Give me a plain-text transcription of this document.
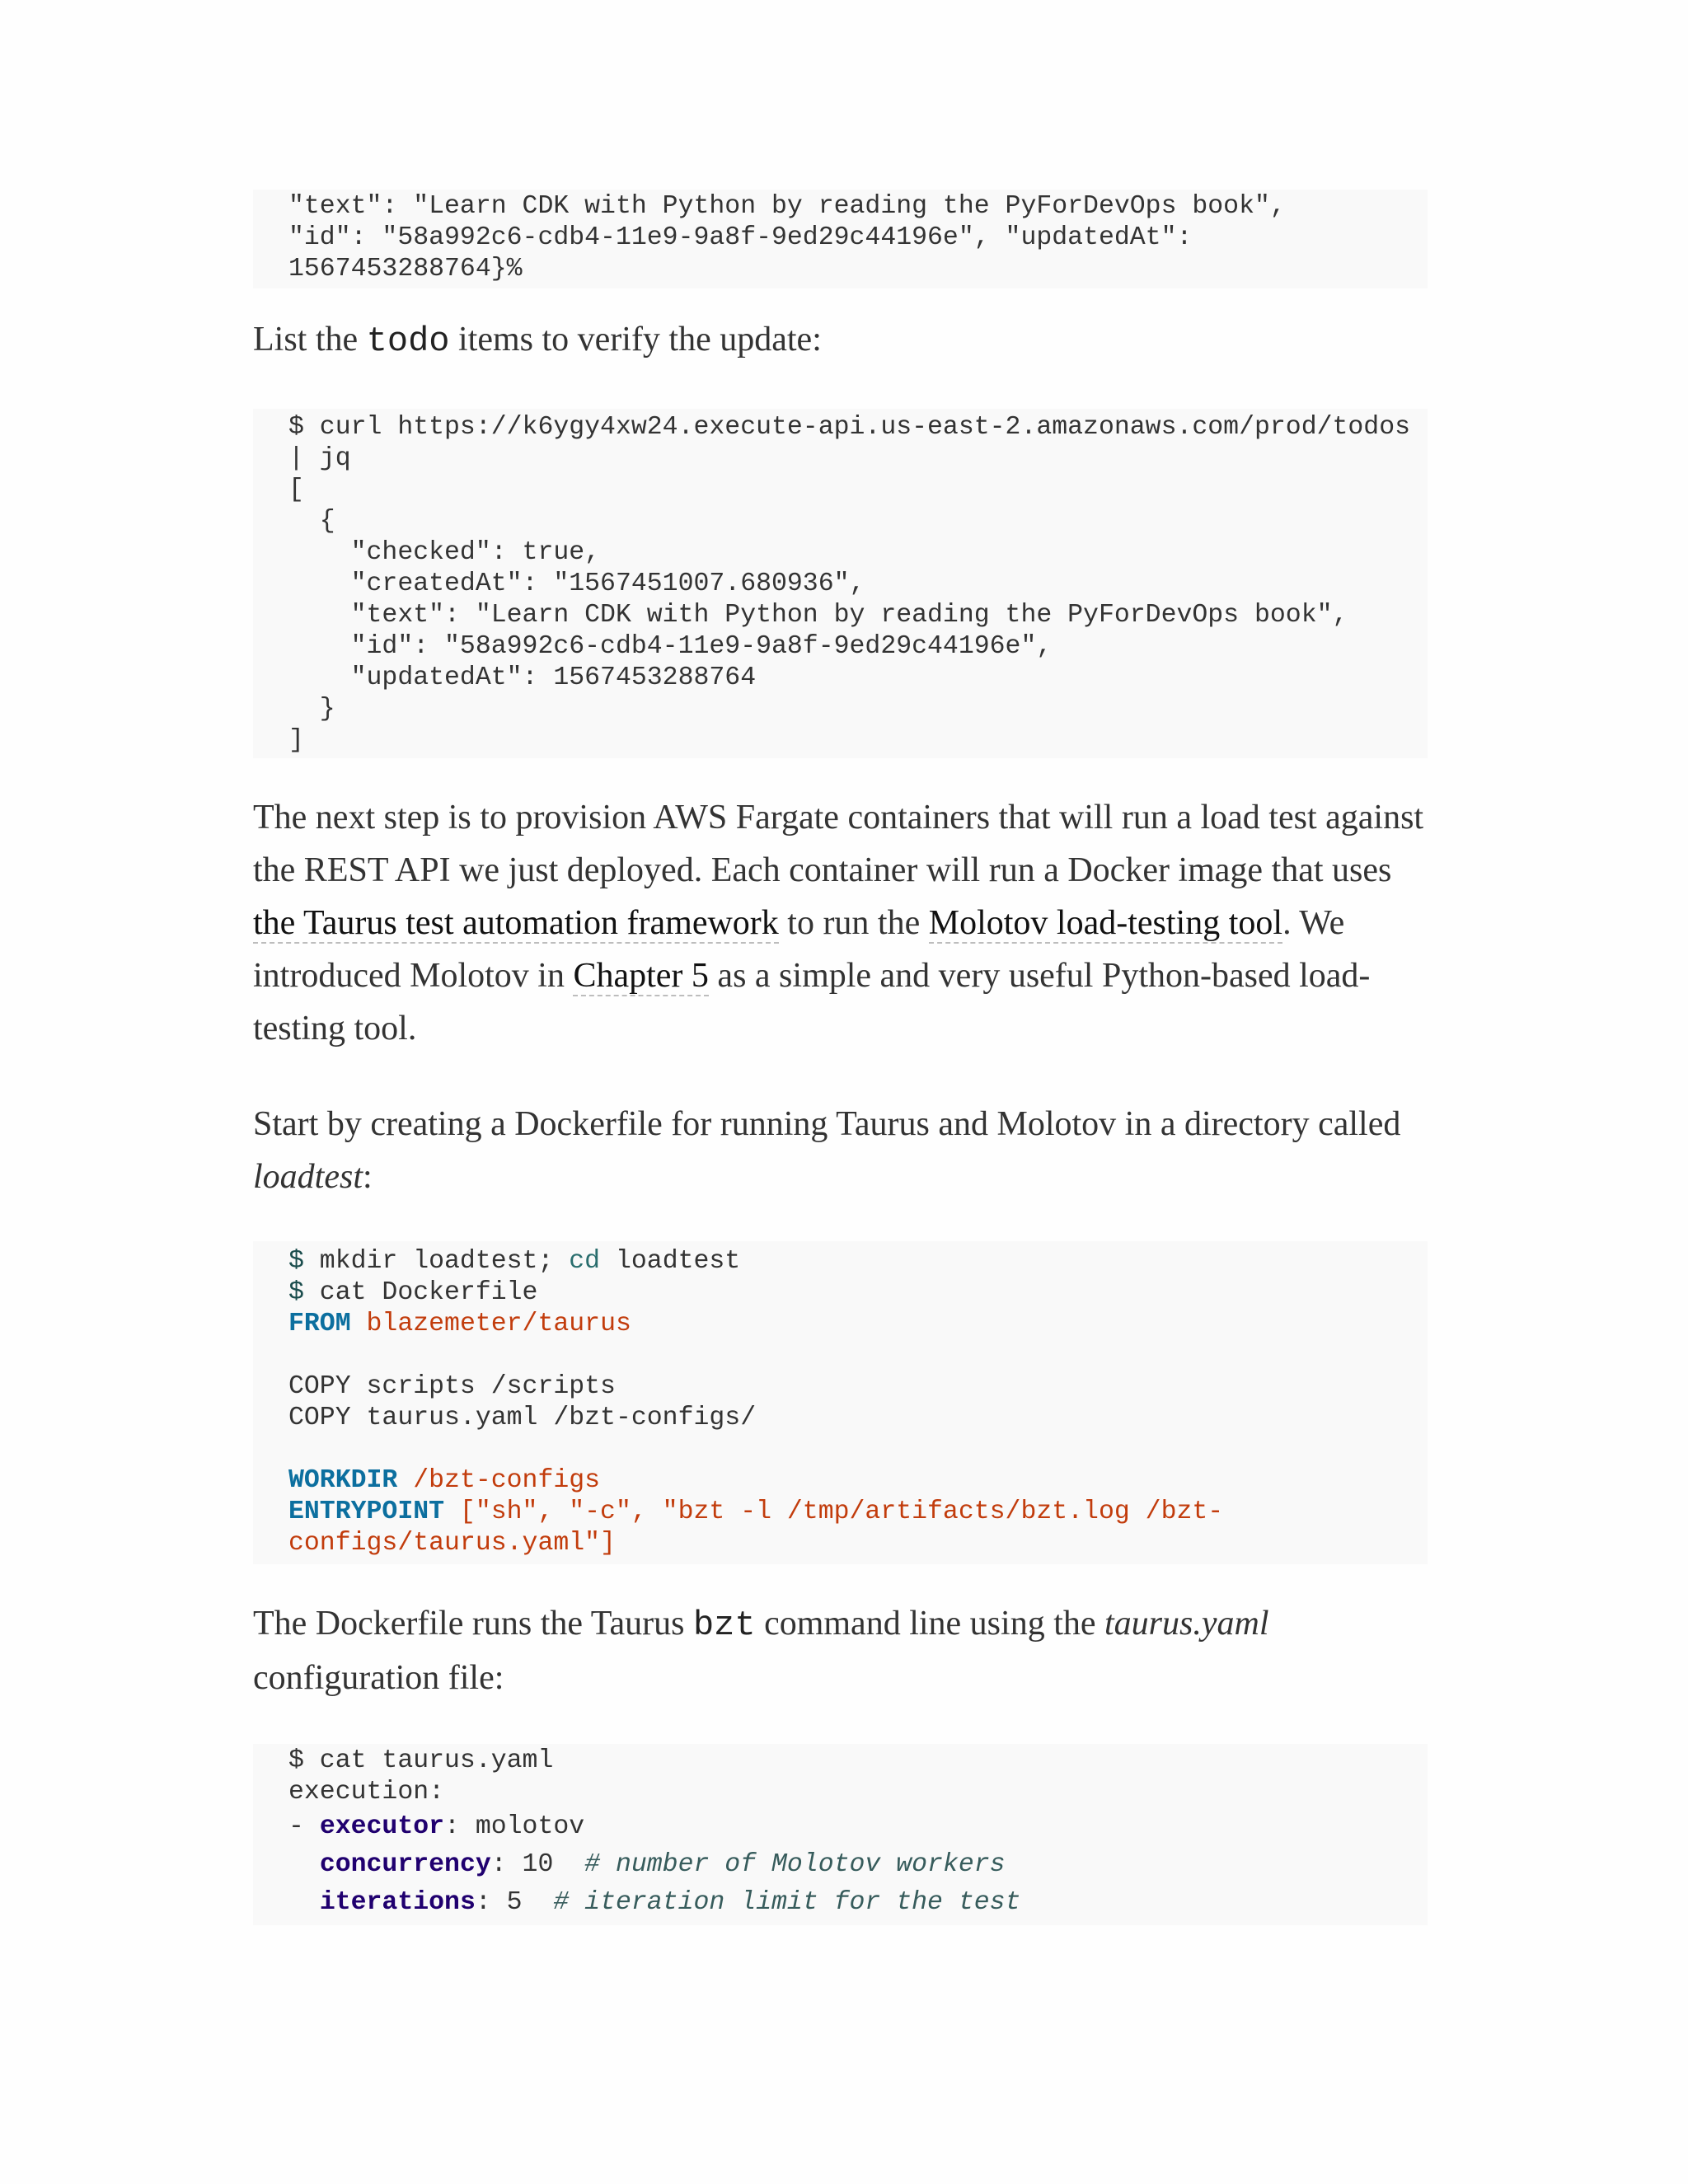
"text": "Learn CDK with Python by reading the PyForDevOps book",
"id": "58a992c6-cdb4-11e9-9a8f-9ed29c44196e", "updatedAt":
1567453288764}%

List the todo items to verify the update:

$ curl https://k6ygy4xw24.execute-api.us-east-2.amazonaws.com/prod/todos
| jq
[
{
"checked": true,
"createdAt": "1567451007.680936",
"text": "Learn CDK with Python by reading the PyForDevOps book",
"id": "58a992c6-cdb4-11e9-9a8f-9ed29c44196e",
"updatedAt": 1567453288764
}
]

The next step is to provision AWS Fargate containers that will run a load test against the REST API we just deployed. Each container will run a Docker image that uses the Taurus test automation framework to run the Molotov load-testing tool. We introduced Molotov in Chapter 5 as a simple and very useful Python-based load-testing tool.

Start by creating a Dockerfile for running Taurus and Molotov in a directory called loadtest:

$ mkdir loadtest; cd loadtest
$ cat Dockerfile
FROM blazemeter/taurus

COPY scripts /scripts
COPY taurus.yaml /bzt-configs/

WORKDIR /bzt-configs
ENTRYPOINT ["sh", "-c", "bzt -l /tmp/artifacts/bzt.log /bzt-
configs/taurus.yaml"]

The Dockerfile runs the Taurus bzt command line using the taurus.yaml configuration file:

$ cat taurus.yaml
execution:
- executor: molotov
concurrency: 10  # number of Molotov workers
iterations: 5  # iteration limit for the test
